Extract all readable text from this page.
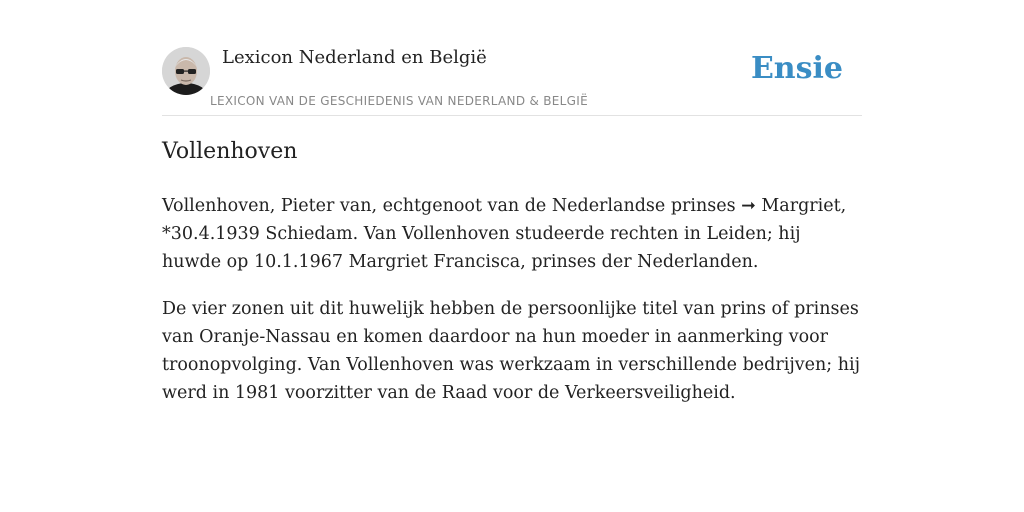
Lexicon Nederland en België
LEXICON VAN DE GESCHIEDENIS VAN NEDERLAND & BELGIË
Ensie
Vollenhoven

Vollenhoven, Pieter van, echtgenoot van de Nederlandse prinses ➞ Margriet, *30.4.1939 Schiedam. Van Vollenhoven studeerde rechten in Leiden; hij huwde op 10.1.1967 Margriet Francisca, prinses der Nederlanden.

De vier zonen uit dit huwelijk hebben de persoonlijke titel van prins of prinses van Oranje-Nassau en komen daardoor na hun moeder in aanmerking voor troonopvolging. Van Vollenhoven was werkzaam in verschillende bedrijven; hij werd in 1981 voorzitter van de Raad voor de Verkeersveiligheid.
